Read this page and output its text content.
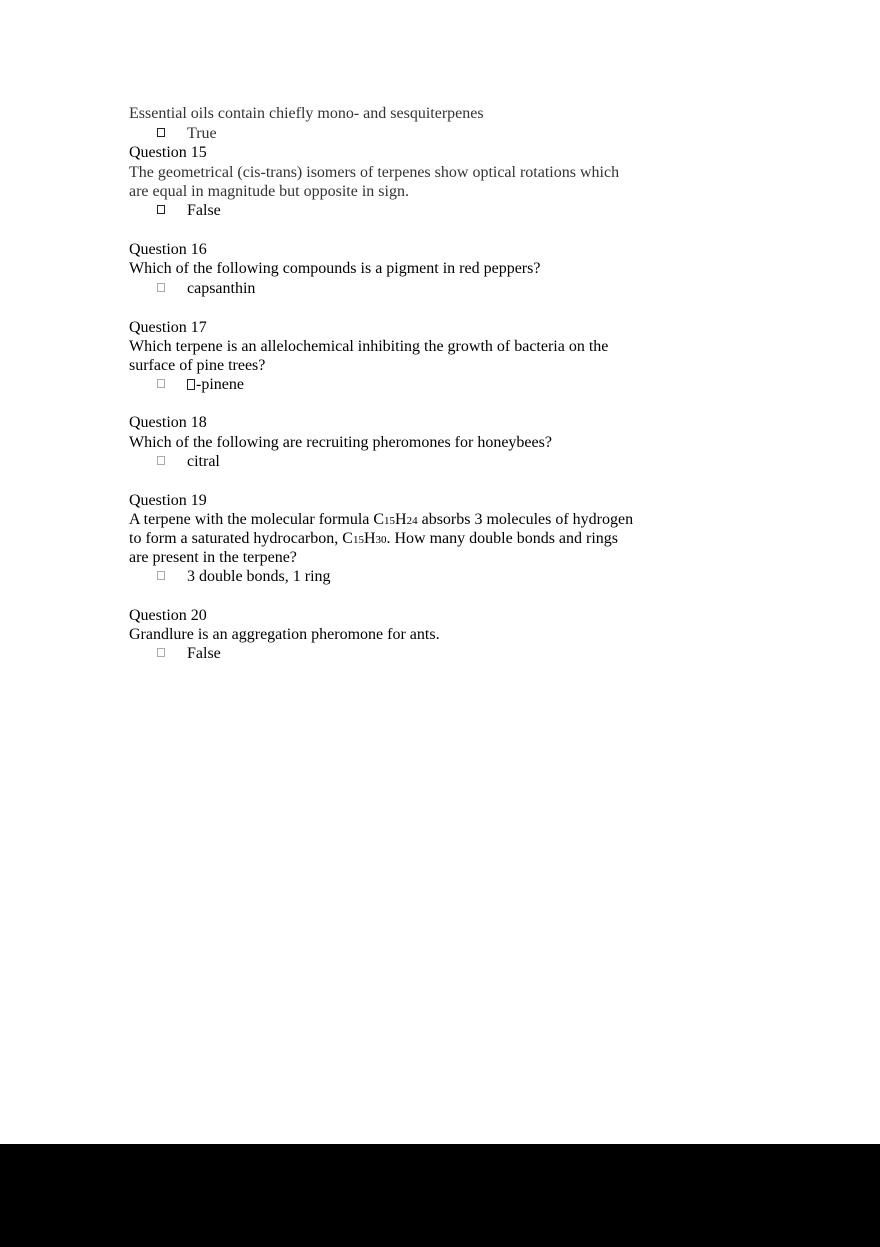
Essential oils contain chiefly mono- and sesquiterpenes
True
Question 15
The geometrical (cis-trans) isomers of terpenes show optical rotations which
are equal in magnitude but opposite in sign.
False
Question 16
Which of the following compounds is a pigment in red peppers?
capsanthin
Question 17
Which terpene is an allelochemical inhibiting the growth of bacteria on the
surface of pine trees?
-pinene
Question 18
Which of the following are recruiting pheromones for honeybees?
citral
Question 19
A terpene with the molecular formula C15H24 absorbs 3 molecules of hydrogen
to form a saturated hydrocarbon, C15H30. How many double bonds and rings
are present in the terpene?
3 double bonds, 1 ring
Question 20
Grandlure is an aggregation pheromone for ants.
False
